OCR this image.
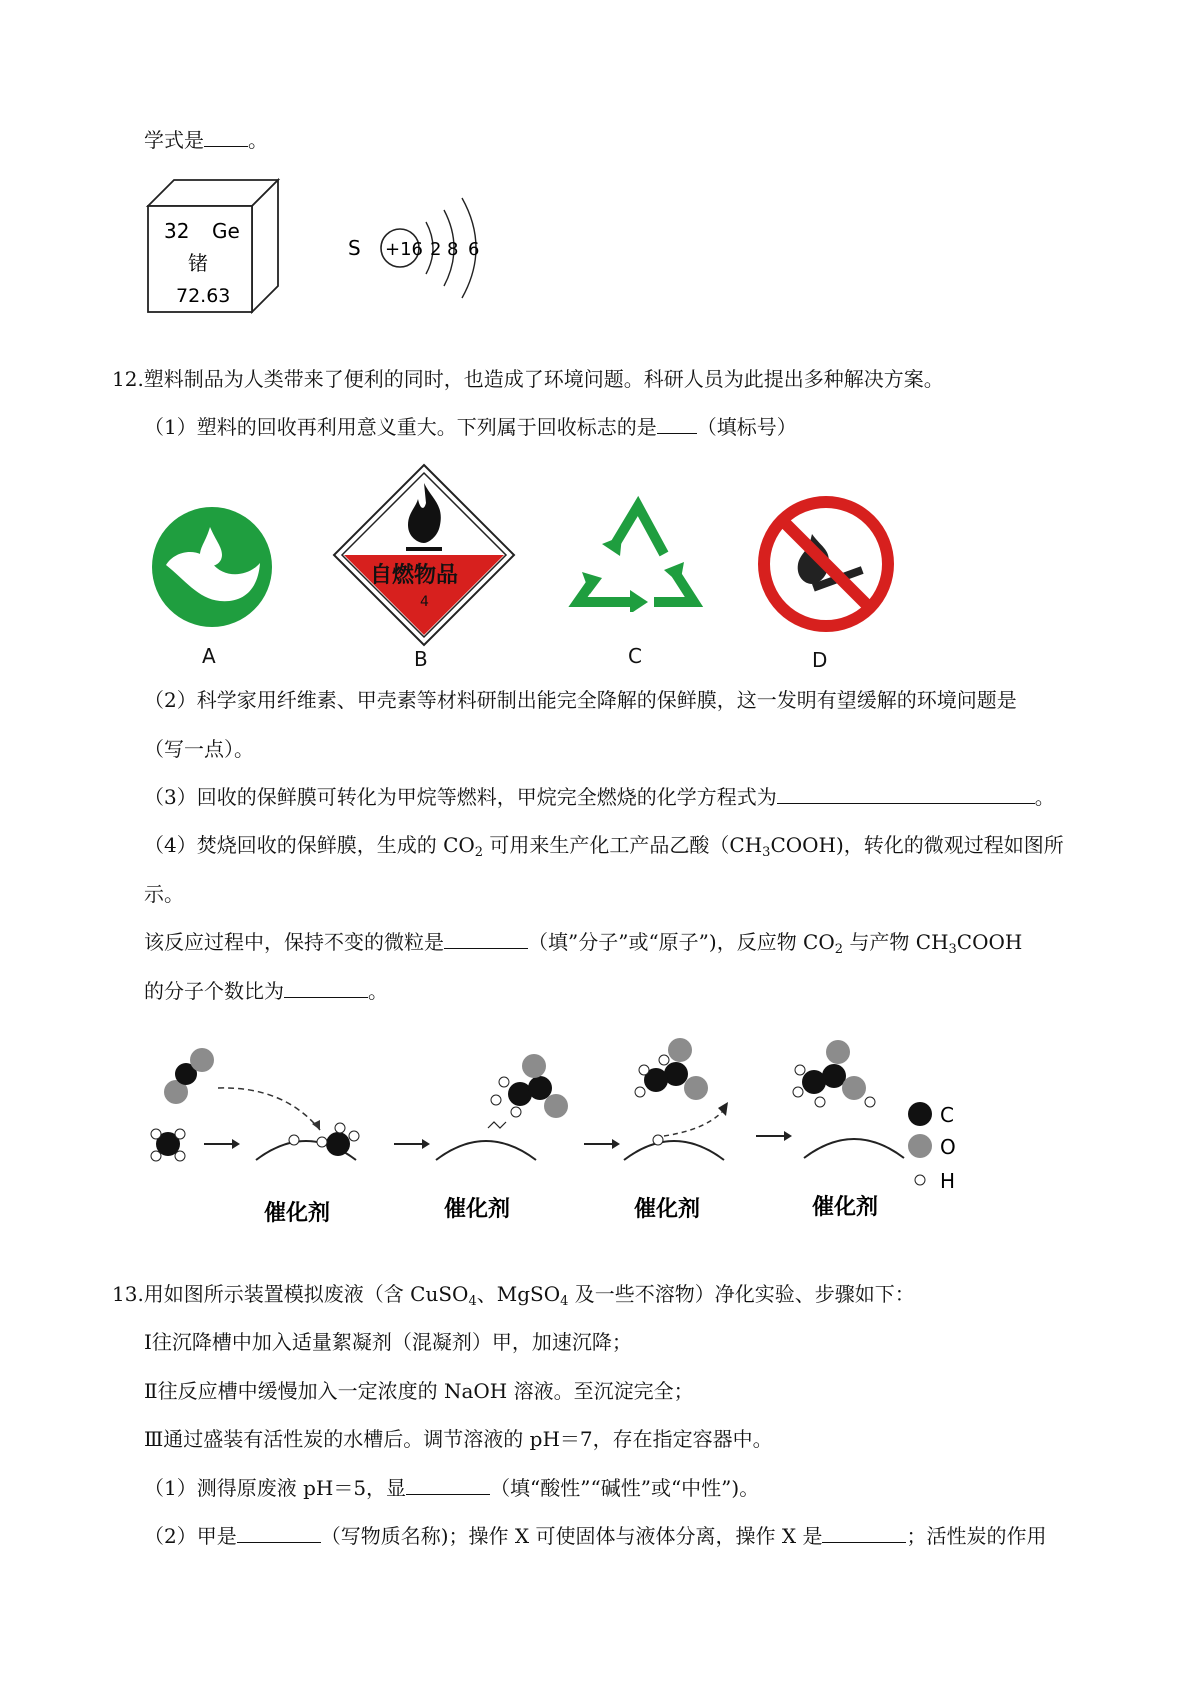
学式是 。
32 Ge
锗
72.63
S +16 2 8 6
12.塑料制品为人类带来了便利的同时，也造成了环境问题。科研人员为此提出多种解决方案。
（1）塑料的回收再利用意义重大。下列属于回收标志的是 （填标号）
A
自燃物品
4
B	C	D
（2）科学家用纤维素、甲壳素等材料研制出能完全降解的保鲜膜，这一发明有望缓解的环境问题是
（写一点）。
（3）回收的保鲜膜可转化为甲烷等燃料，甲烷完全燃烧的化学方程式为	。
（4）焚烧回收的保鲜膜，生成的 $CO_2$ 可用来生产化工产品乙酸$(CH_3COOH)$，转化的微观过程如图所
示。
该反应过程中，保持不变的微粒是	（填”分子”或“原子”)，反应物 $CO_2$ 与产物 $CH_3COOH$
的分子个数比为	。
催化剂	催化剂	催化剂	催化剂
C
O
H
13.用如图所示装置模拟废液（含 CuSO$_4$、MgSO$_4$ 及一些不溶物）净化实验、步骤如下：
Ⅰ往沉降槽中加入适量絮凝剂（混凝剂）甲，加速沉降；
Ⅱ往反应槽中缓慢加入一定浓度的 NaOH 溶液。至沉淀完全；
Ⅲ通过盛装有活性炭的水槽后。调节溶液的 pH＝7，存在指定容器中。
（1）测得原废液 pH＝5，显	（填“酸性”“碱性”或“中性”)。
（2）甲是	（写物质名称)；操作 X 可使固体与液体分离，操作 X 是	；活性炭的作用
